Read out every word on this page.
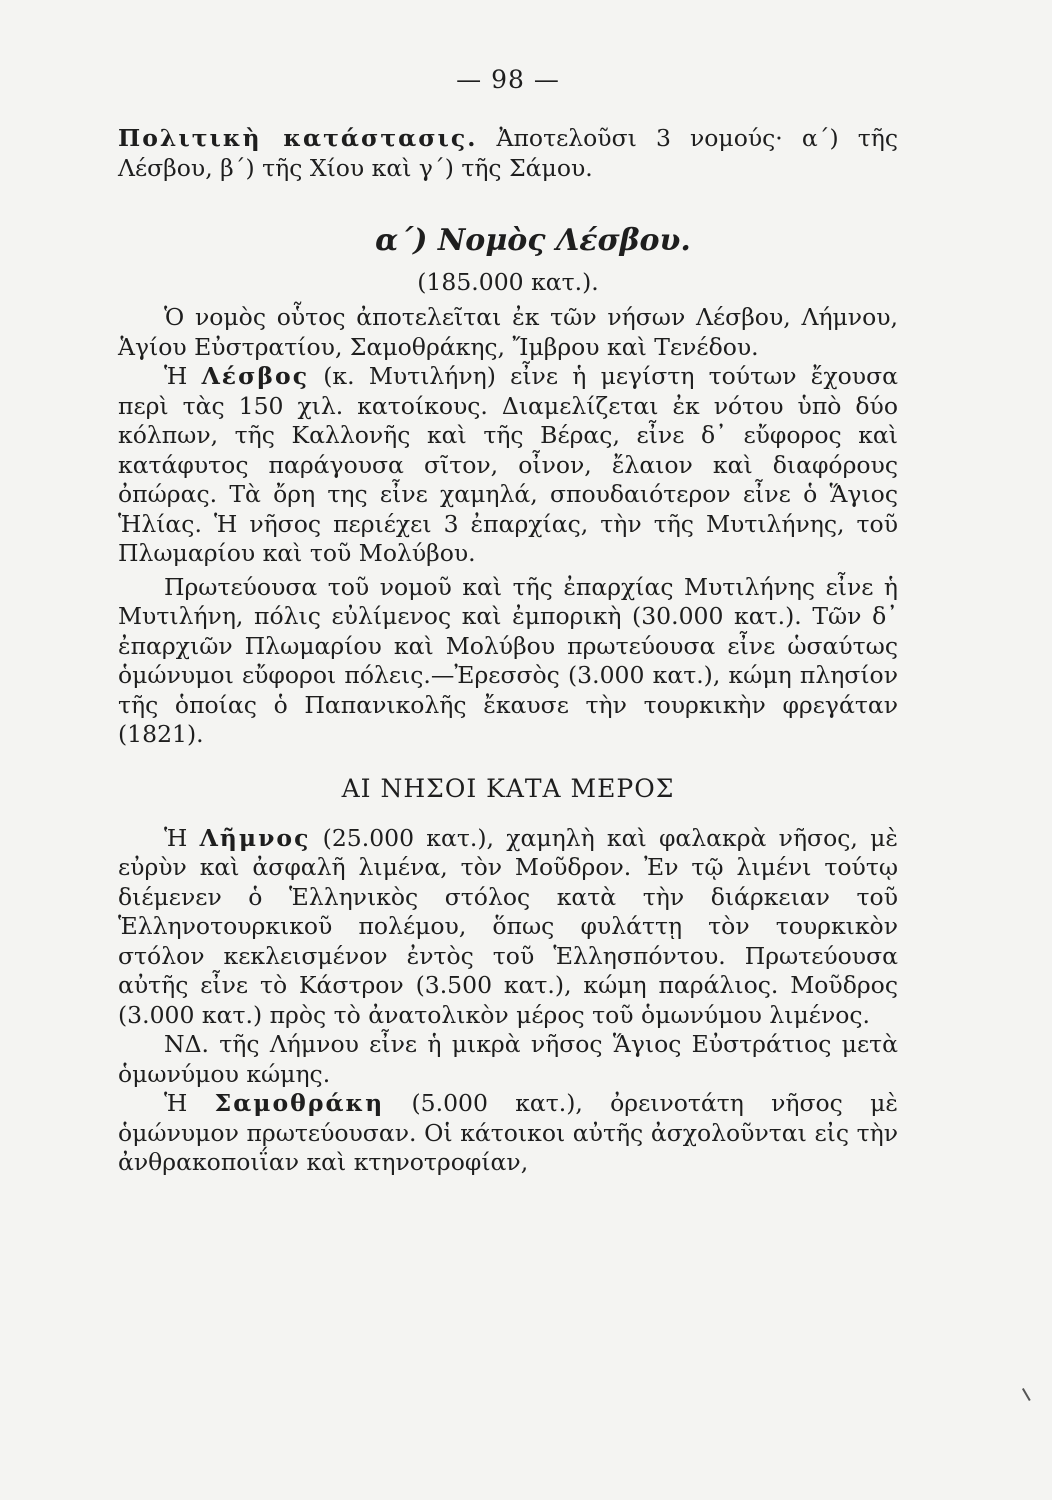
— 98 —

Πολιτικὴ κατάστασις. Ἀποτελοῦσι 3 νομούς· α΄) τῆς Λέσβου, β΄) τῆς Χίου καὶ γ΄) τῆς Σάμου.

α΄) Νομὸς Λέσβου.
(185.000 κατ.).

Ὁ νομὸς οὗτος ἀποτελεῖται ἐκ τῶν νήσων Λέσβου, Λήμνου, Ἁγίου Εὐστρατίου, Σαμοθράκης, Ἴμβρου καὶ Τενέδου.

Ἡ Λέσβος (κ. Μυτιλήνη) εἶνε ἡ μεγίστη τούτων ἔχουσα περὶ τὰς 150 χιλ. κατοίκους. Διαμελίζεται ἐκ νότου ὑπὸ δύο κόλπων, τῆς Καλλονῆς καὶ τῆς Βέρας, εἶνε δ᾽ εὔφορος καὶ κατάφυτος παράγουσα σῖτον, οἶνον, ἔλαιον καὶ διαφόρους ὀπώρας. Τὰ ὄρη της εἶνε χαμηλά, σπουδαιότερον εἶνε ὁ Ἅγιος Ἡλίας. Ἡ νῆσος περιέχει 3 ἐπαρχίας, τὴν τῆς Μυτιλήνης, τοῦ Πλωμαρίου καὶ τοῦ Μολύβου.

Πρωτεύουσα τοῦ νομοῦ καὶ τῆς ἐπαρχίας Μυτιλήνης εἶνε ἡ Μυτιλήνη, πόλις εὐλίμενος καὶ ἐμπορικὴ (30.000 κατ.). Τῶν δ᾽ ἐπαρχιῶν Πλωμαρίου καὶ Μολύβου πρωτεύουσα εἶνε ὡσαύτως ὁμώνυμοι εὔφοροι πόλεις.—Ἐρεσσὸς (3.000 κατ.), κώμη πλησίον τῆς ὁποίας ὁ Παπανικολῆς ἔκαυσε τὴν τουρκικὴν φρεγάταν (1821).

ΑΙ ΝΗΣΟΙ ΚΑΤΑ ΜΕΡΟΣ

Ἡ Λῆμνος (25.000 κατ.), χαμηλὴ καὶ φαλακρὰ νῆσος, μὲ εὐρὺν καὶ ἀσφαλῆ λιμένα, τὸν Μοῦδρον. Ἐν τῷ λιμένι τούτῳ διέμενεν ὁ Ἑλληνικὸς στόλος κατὰ τὴν διάρκειαν τοῦ Ἑλληνοτουρκικοῦ πολέμου, ὅπως φυλάττῃ τὸν τουρκικὸν στόλον κεκλεισμένον ἐντὸς τοῦ Ἑλλησπόντου. Πρωτεύουσα αὐτῆς εἶνε τὸ Κάστρον (3.500 κατ.), κώμη παράλιος. Μοῦδρος (3.000 κατ.) πρὸς τὸ ἀνατολικὸν μέρος τοῦ ὁμωνύμου λιμένος.

ΝΔ. τῆς Λήμνου εἶνε ἡ μικρὰ νῆσος Ἅγιος Εὐστράτιος μετὰ ὁμωνύμου κώμης.

Ἡ Σαμοθράκη (5.000 κατ.), ὀρεινοτάτη νῆσος μὲ ὁμώνυμον πρωτεύουσαν. Οἱ κάτοικοι αὐτῆς ἀσχολοῦνται εἰς τὴν ἀνθρακοποιΐαν καὶ κτηνοτροφίαν,
